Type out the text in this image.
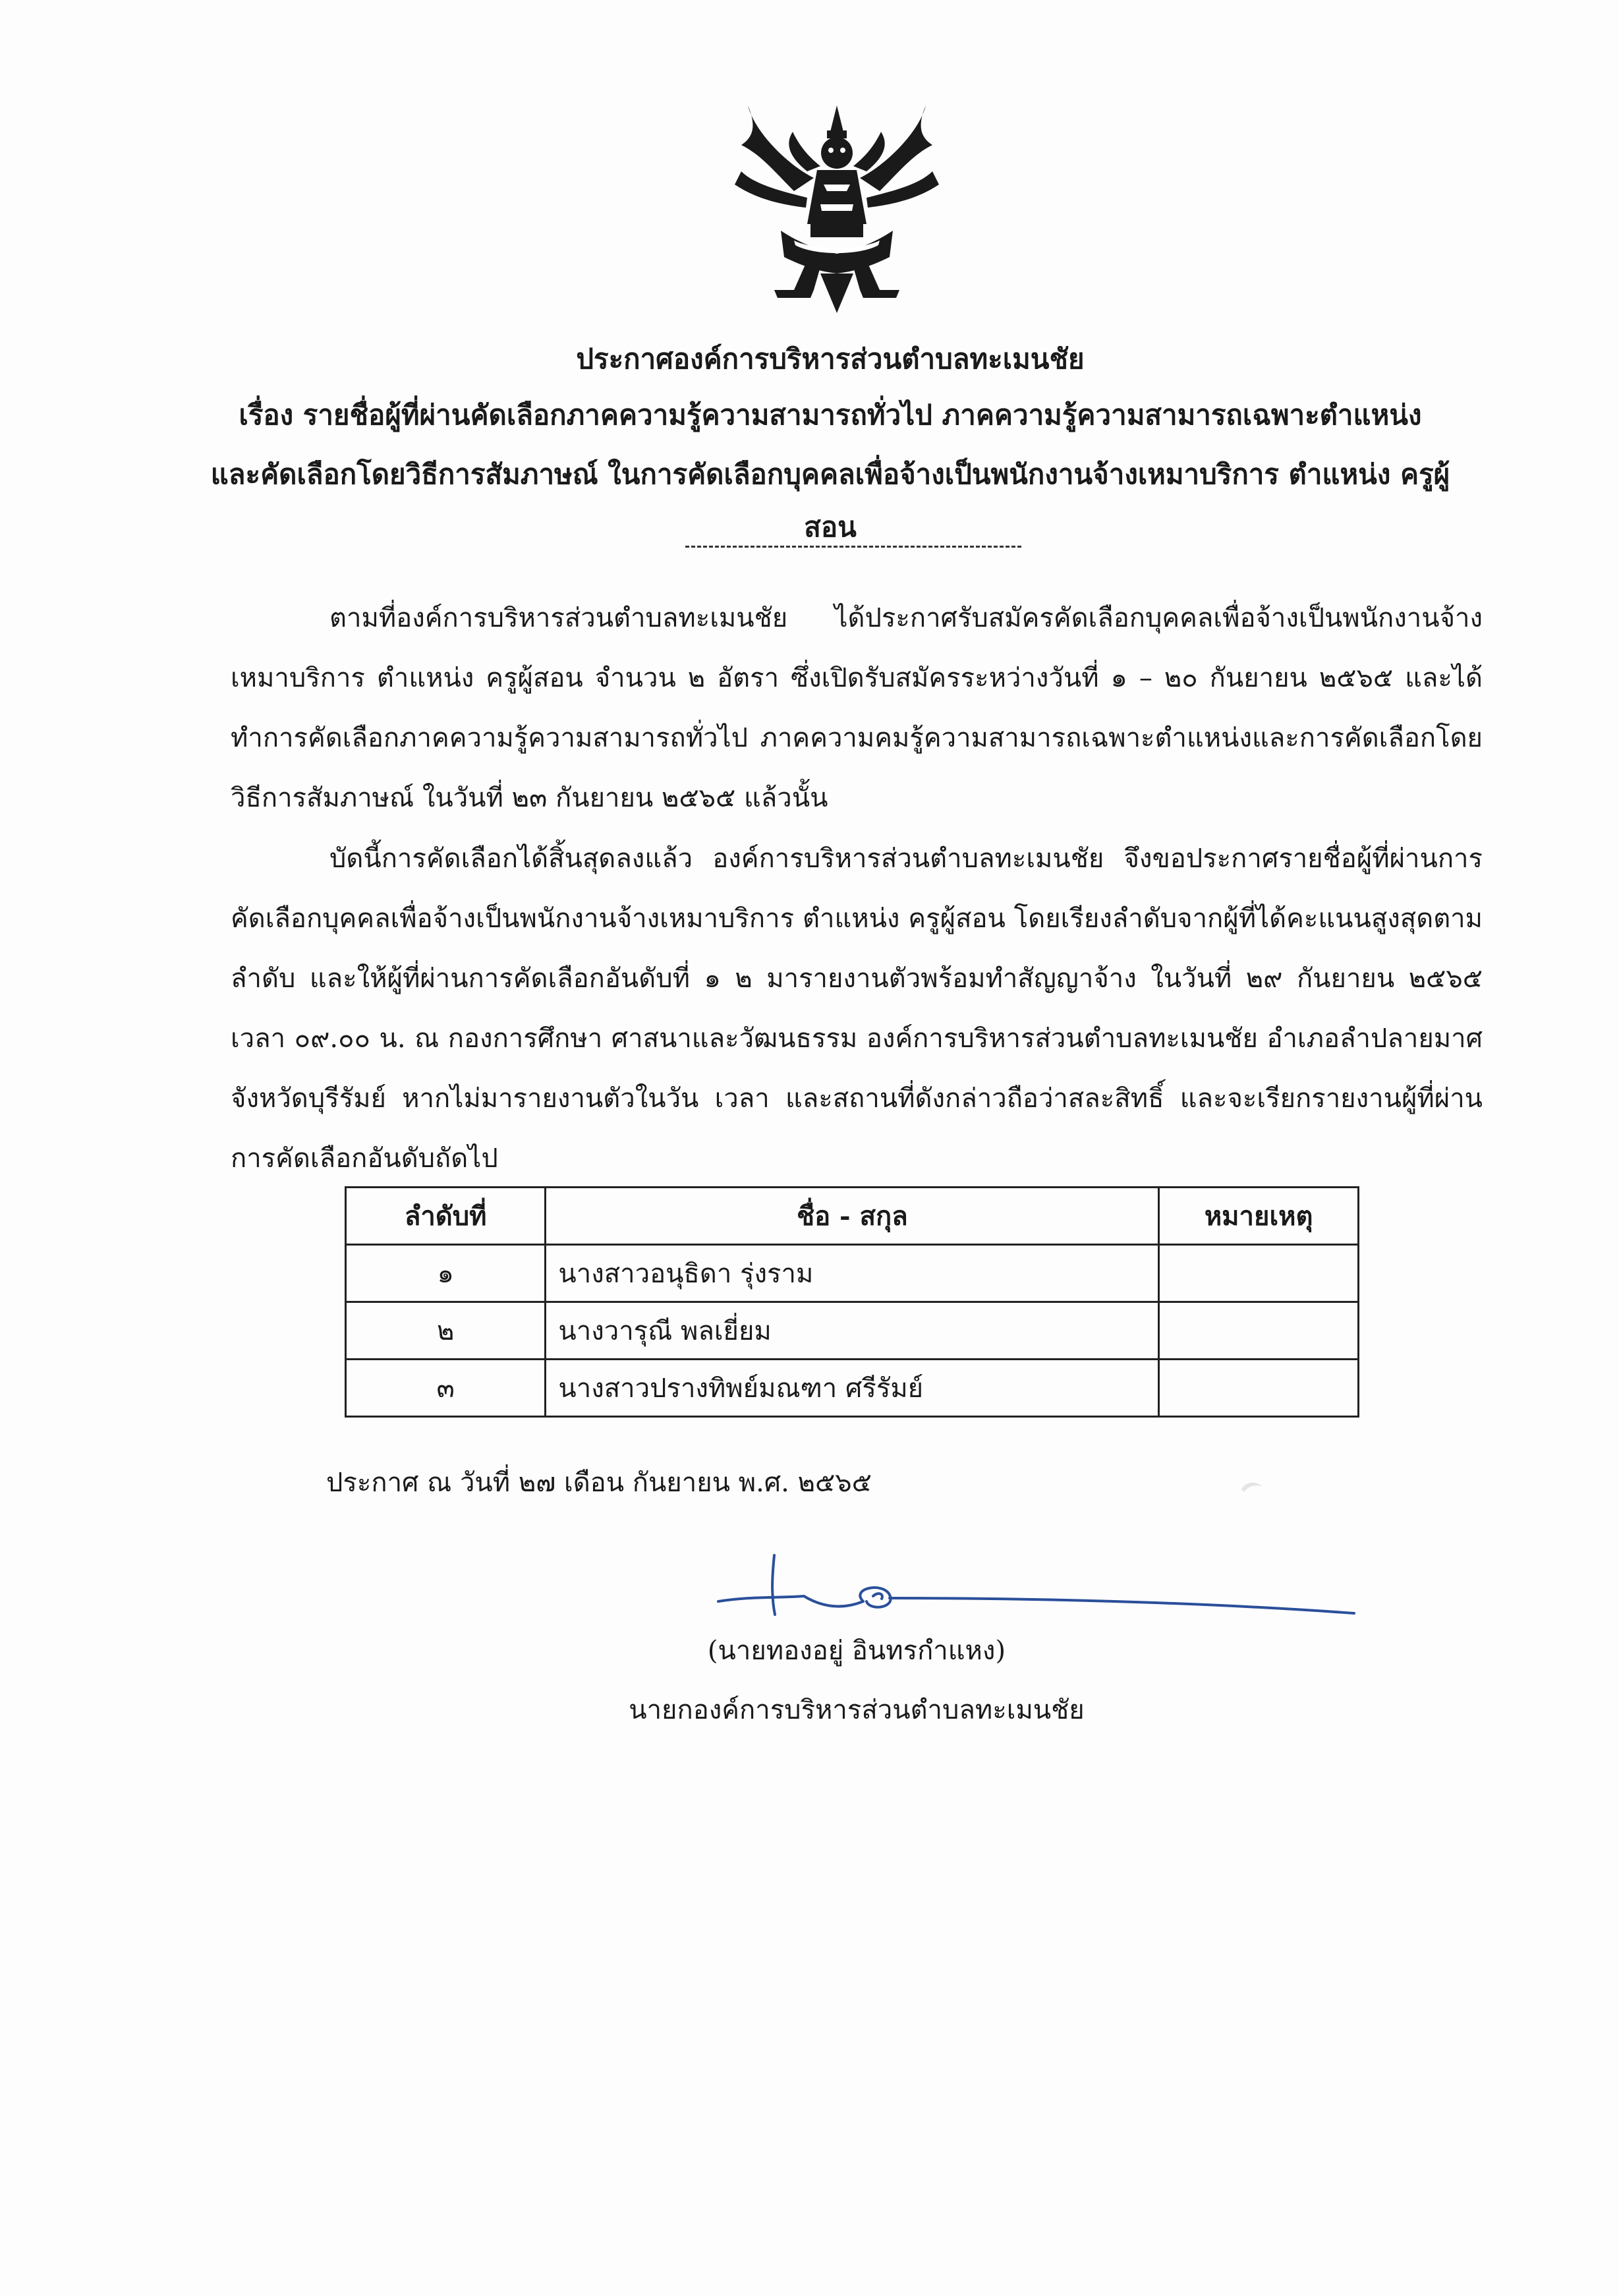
ประกาศองค์การบริหารส่วนตำบลทะเมนชัย
เรื่อง รายชื่อผู้ที่ผ่านคัดเลือกภาคความรู้ความสามารถทั่วไป ภาคความรู้ความสามารถเฉพาะตำแหน่ง
และคัดเลือกโดยวิธีการสัมภาษณ์ ในการคัดเลือกบุคคลเพื่อจ้างเป็นพนักงานจ้างเหมาบริการ ตำแหน่ง ครูผู้สอน

ตามที่องค์การบริหารส่วนตำบลทะเมนชัย ได้ประกาศรับสมัครคัดเลือกบุคคลเพื่อจ้างเป็นพนักงานจ้างเหมาบริการ ตำแหน่ง ครูผู้สอน จำนวน ๒ อัตรา ซึ่งเปิดรับสมัครระหว่างวันที่ ๑ – ๒๐ กันยายน ๒๕๖๕ และได้ทำการคัดเลือกภาคความรู้ความสามารถทั่วไป ภาคความคมรู้ความสามารถเฉพาะตำแหน่งและการคัดเลือกโดยวิธีการสัมภาษณ์ ในวันที่ ๒๓ กันยายน ๒๕๖๕ แล้วนั้น

บัดนี้การคัดเลือกได้สิ้นสุดลงแล้ว องค์การบริหารส่วนตำบลทะเมนชัย จึงขอประกาศรายชื่อผู้ที่ผ่านการคัดเลือกบุคคลเพื่อจ้างเป็นพนักงานจ้างเหมาบริการ ตำแหน่ง ครูผู้สอน โดยเรียงลำดับจากผู้ที่ได้คะแนนสูงสุดตามลำดับ และให้ผู้ที่ผ่านการคัดเลือกอันดับที่ ๑ ๒ มารายงานตัวพร้อมทำสัญญาจ้าง ในวันที่ ๒๙ กันยายน ๒๕๖๕ เวลา ๐๙.๐๐ น. ณ กองการศึกษา ศาสนาและวัฒนธรรม องค์การบริหารส่วนตำบลทะเมนชัย อำเภอลำปลายมาศ จังหวัดบุรีรัมย์ หากไม่มารายงานตัวในวัน เวลา และสถานที่ดังกล่าวถือว่าสละสิทธิ์ และจะเรียกรายงานผู้ที่ผ่านการคัดเลือกอันดับถัดไป

ลำดับที่	ชื่อ - สกุล	หมายเหตุ
๑	นางสาวอนุธิดา รุ่งราม	
๒	นางวารุณี พลเยี่ยม	
๓	นางสาวปรางทิพย์มณฑา ศรีรัมย์	
ประกาศ ณ วันที่ ๒๗ เดือน กันยายน พ.ศ. ๒๕๖๕
(นายทองอยู่ อินทรกำแหง)
นายกองค์การบริหารส่วนตำบลทะเมนชัย
